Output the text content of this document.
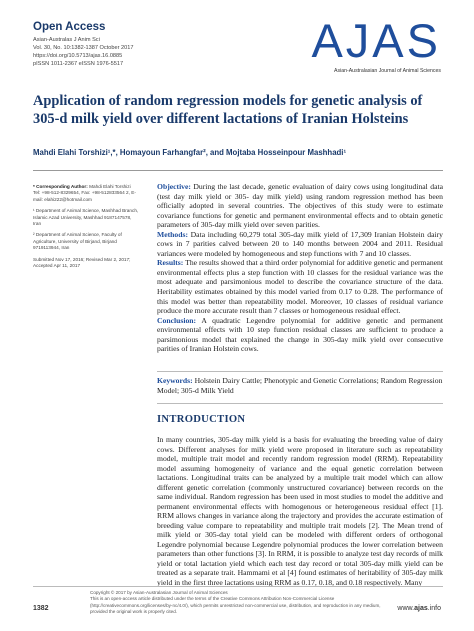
Open Access
Asian-Australas J Anim Sci
Vol. 30, No. 10:1382-1387 October 2017
https://doi.org/10.5713/ajas.16.0885
pISSN 1011-2367 eISSN 1976-5517	AJAS
Asian-Australasian Journal of Animal Sciences
Application of random regression models for genetic analysis of 305-d milk yield over different lactations of Iranian Holsteins
Mahdi Elahi Torshizi¹,*, Homayoun Farhangfar², and Mojtaba Hosseinpour Mashhadi¹

* Corresponding Author: Mahdi Elahi Torshizi
Tel: +98-512-8329654, Fax: +98-512833564 2, E-mail: elahi222@hotmail.com

¹ Department of Animal Science, Mashhad Branch, Islamic Azad University, Mashhad 9187147578, Iran

² Department of Animal Science, Faculty of Agriculture, University of Birjand, Birjand 9719113944, Iran

Submitted Nov 17, 2016; Revised Mar 2, 2017; Accepted Apr 11, 2017

Objective: During the last decade, genetic evaluation of dairy cows using longitudinal data (test day milk yield or 305- day milk yield) using random regression method has been officially adopted in several countries. The objectives of this study were to estimate covariance functions for genetic and permanent environmental effects and to obtain genetic parameters of 305-day milk yield over seven parities.

Methods: Data including 60,279 total 305-day milk yield of 17,309 Iranian Holstein dairy cows in 7 parities calved between 20 to 140 months between 2004 and 2011. Residual variances were modeled by homogeneous and step functions with 7 and 10 classes.

Results: The results showed that a third order polynomial for additive genetic and permanent environmental effects plus a step function with 10 classes for the residual variance was the most adequate and parsimonious model to describe the covariance structure of the data. Heritability estimates obtained by this model varied from 0.17 to 0.28. The performance of this model was better than repeatability model. Moreover, 10 classes of residual variance produce the more accurate result than 7 classes or homogeneous residual effect.

Conclusion: A quadratic Legendre polynomial for additive genetic and permanent environmental effects with 10 step function residual classes are sufficient to produce a parsimonious model that explained the change in 305-day milk yield over consecutive parities of Iranian Holstein cows.

Keywords: Holstein Dairy Cattle; Phenotypic and Genetic Correlations; Random Regression Model; 305-d Milk Yield
INTRODUCTION

In many countries, 305-day milk yield is a basis for evaluating the breeding value of dairy cows. Different analyses for milk yield were proposed in literature such as repeatability model, multiple trait model and recently random regression model (RRM). Repeatability model assuming homogeneity of variance and the equal genetic correlation between lactations. Longitudinal traits can be analyzed by a multiple trait model which can allow different genetic correlation (commonly unstructured covariance) between records on the same individual. Random regression has been used in most studies to model the additive and permanent environmental effects with homogenous or heterogeneous residual effect [1]. RRM allows changes in variance along the trajectory and provides the accurate estimation of breeding value compare to repeatability and multiple trait models [2]. The Mean trend of milk yield or 305-day total yield can be modeled with different orders of orthogonal Legendre polynomial because Legendre polynomial produces the lower correlation between parameters than other functions [3]. In RRM, it is possible to analyze test day records of milk yield or total lactation yield which each test day record or total 305-day milk yield can be treated as a separate trait. Hammami et al [4] found estimates of heritability of 305-day milk yield in the first three lactations using RRM as 0.17, 0.18, and 0.18 respectively. Many

Copyright © 2017 by Asian-Australasian Journal of Animal Sciences
This is an open-access article distributed under the terms of the Creative Commons Attribution Non-Commercial License (http://creativecommons.org/licenses/by-nc/4.0/), which permits unrestricted non-commercial use, distribution, and reproduction in any medium, provided the original work is properly cited.
1382	www.ajas.info
